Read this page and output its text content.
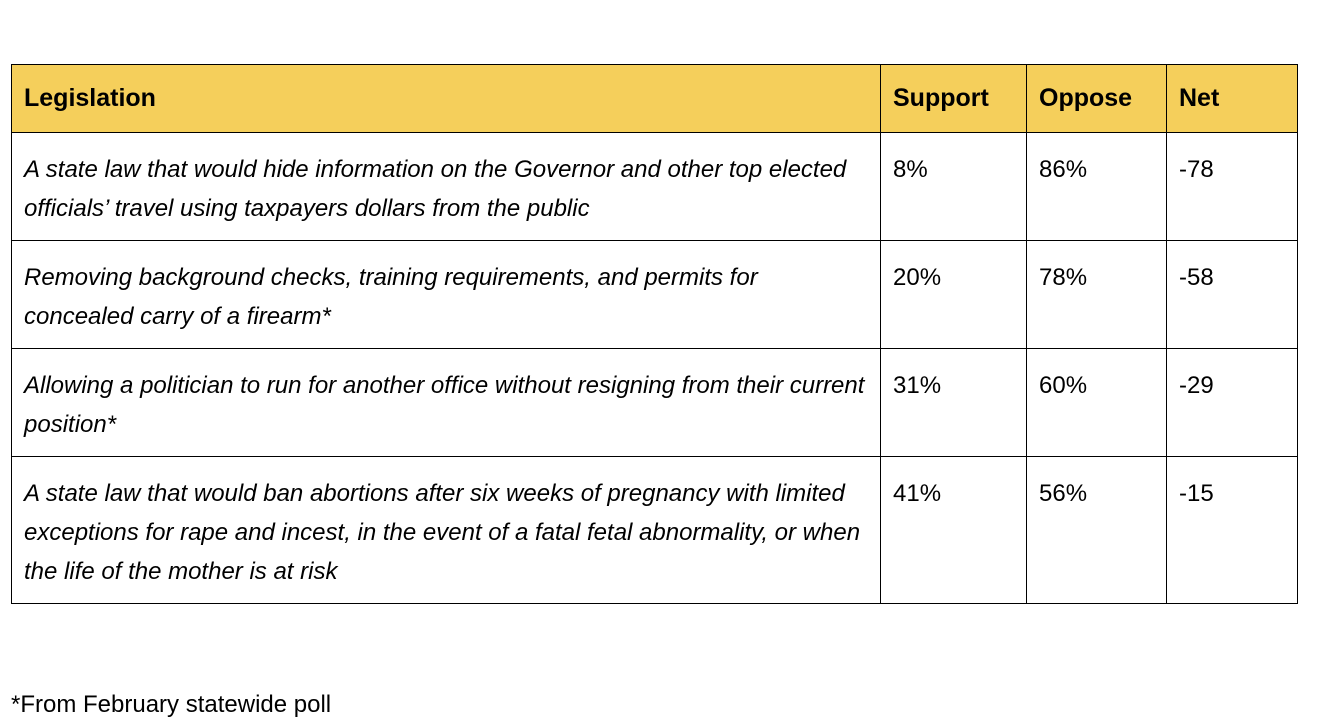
Legislation	Support	Oppose	Net
A state law that would hide information on the Governor and other top elected officials’ travel using taxpayers dollars from the public	8%	86%	-78
Removing background checks, training requirements, and permits for concealed carry of a firearm*	20%	78%	-58
Allowing a politician to run for another office without resigning from their current position*	31%	60%	-29
A state law that would ban abortions after six weeks of pregnancy with limited exceptions for rape and incest, in the event of a fatal fetal abnormality, or when the life of the mother is at risk	41%	56%	-15
*From February statewide poll
